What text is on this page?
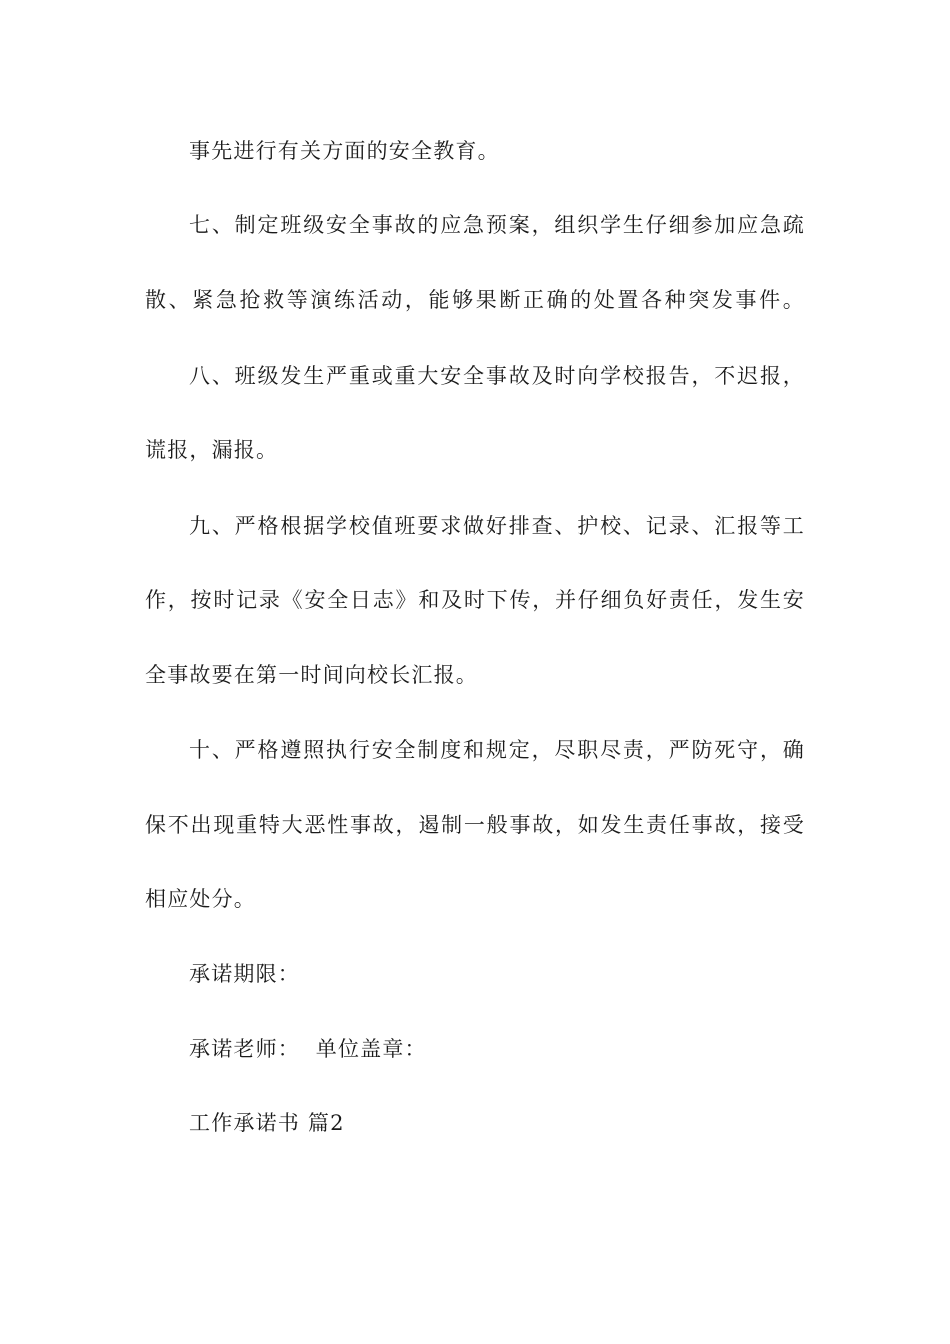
事先进行有关方面的安全教育。
七、制定班级安全事故的应急预案，组织学生仔细参加应急疏
散、紧急抢救等演练活动，能够果断正确的处置各种突发事件。
八、班级发生严重或重大安全事故及时向学校报告，不迟报，
谎报，漏报。
九、严格根据学校值班要求做好排查、护校、记录、汇报等工
作，按时记录《安全日志》和及时下传，并仔细负好责任，发生安
全事故要在第一时间向校长汇报。
十、严格遵照执行安全制度和规定，尽职尽责，严防死守，确
保不出现重特大恶性事故，遏制一般事故，如发生责任事故，接受
相应处分。
承诺期限：
承诺老师：  单位盖章：
工作承诺书 篇2
